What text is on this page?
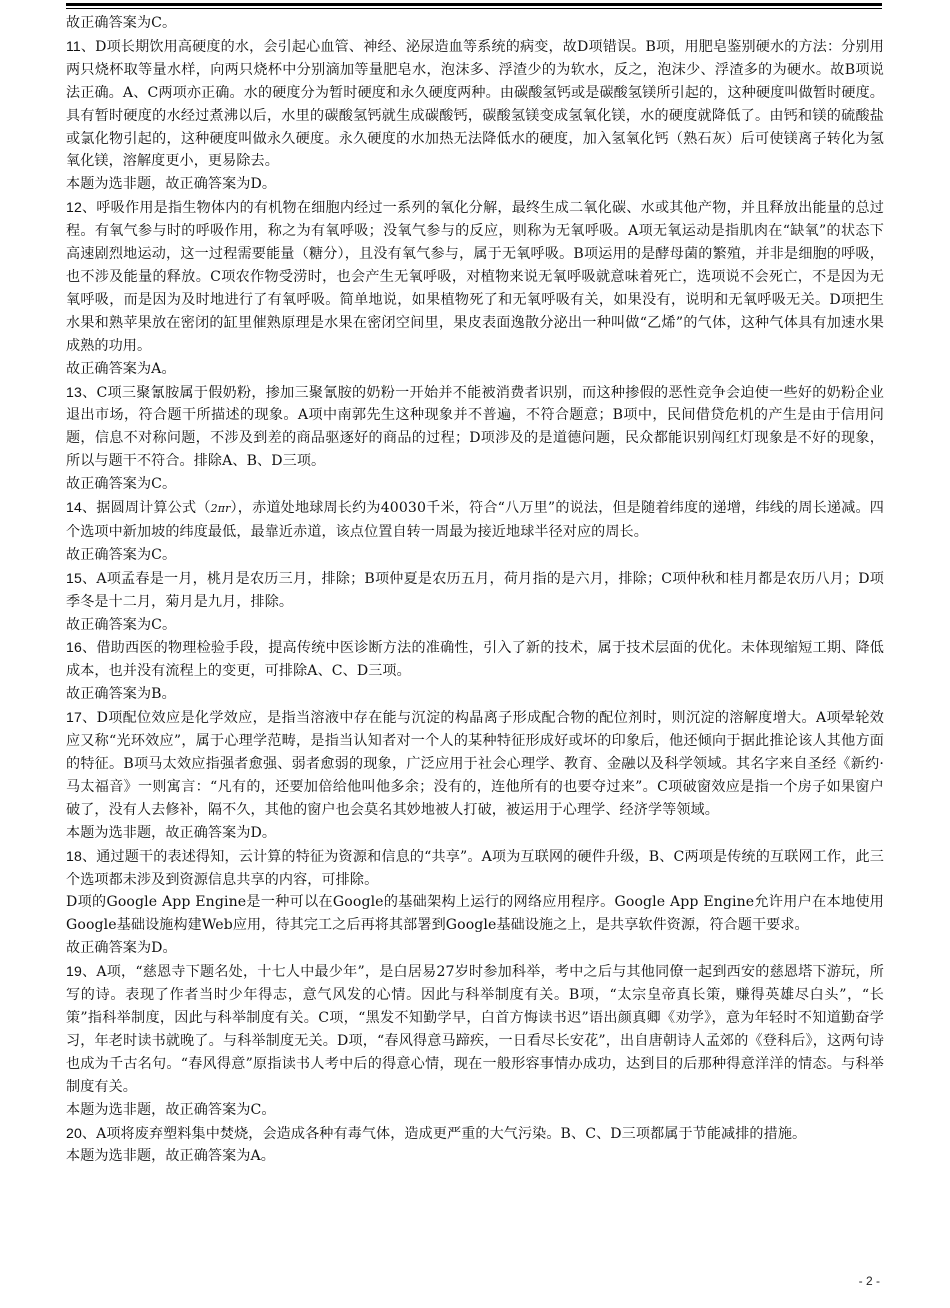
故正确答案为C。

11、D项长期饮用高硬度的水，会引起心血管、神经、泌尿造血等系统的病变，故D项错误。B项，用肥皂鉴别硬水的方法：分别用两只烧杯取等量水样，向两只烧杯中分别滴加等量肥皂水，泡沫多、浮渣少的为软水，反之，泡沫少、浮渣多的为硬水。故B项说法正确。A、C两项亦正确。水的硬度分为暂时硬度和永久硬度两种。由碳酸氢钙或是碳酸氢镁所引起的，这种硬度叫做暂时硬度。具有暂时硬度的水经过煮沸以后，水里的碳酸氢钙就生成碳酸钙，碳酸氢镁变成氢氧化镁，水的硬度就降低了。由钙和镁的硫酸盐或氯化物引起的，这种硬度叫做永久硬度。永久硬度的水加热无法降低水的硬度，加入氢氧化钙（熟石灰）后可使镁离子转化为氢氧化镁，溶解度更小，更易除去。

本题为选非题，故正确答案为D。

12、呼吸作用是指生物体内的有机物在细胞内经过一系列的氧化分解，最终生成二氧化碳、水或其他产物，并且释放出能量的总过程。有氧气参与时的呼吸作用，称之为有氧呼吸；没氧气参与的反应，则称为无氧呼吸。A项无氧运动是指肌肉在“缺氧”的状态下高速剧烈地运动，这一过程需要能量（糖分），且没有氧气参与，属于无氧呼吸。B项运用的是酵母菌的繁殖，并非是细胞的呼吸，也不涉及能量的释放。C项农作物受涝时，也会产生无氧呼吸，对植物来说无氧呼吸就意味着死亡，选项说不会死亡，不是因为无氧呼吸，而是因为及时地进行了有氧呼吸。简单地说，如果植物死了和无氧呼吸有关，如果没有，说明和无氧呼吸无关。D项把生水果和熟苹果放在密闭的缸里催熟原理是水果在密闭空间里，果皮表面逸散分泌出一种叫做“乙烯”的气体，这种气体具有加速水果成熟的功用。

故正确答案为A。

13、C项三聚氰胺属于假奶粉，掺加三聚氰胺的奶粉一开始并不能被消费者识别，而这种掺假的恶性竞争会迫使一些好的奶粉企业退出市场，符合题干所描述的现象。A项中南郭先生这种现象并不普遍，不符合题意；B项中，民间借贷危机的产生是由于信用问题，信息不对称问题，不涉及到差的商品驱逐好的商品的过程；D项涉及的是道德问题，民众都能识别闯红灯现象是不好的现象，所以与题干不符合。排除A、B、D三项。

故正确答案为C。

14、据圆周计算公式（2πr），赤道处地球周长约为40030千米，符合“八万里”的说法，但是随着纬度的递增，纬线的周长递减。四个选项中新加坡的纬度最低，最靠近赤道，该点位置自转一周最为接近地球半径对应的周长。

故正确答案为C。

15、A项孟春是一月，桃月是农历三月，排除；B项仲夏是农历五月，荷月指的是六月，排除；C项仲秋和桂月都是农历八月；D项季冬是十二月，菊月是九月，排除。

故正确答案为C。

16、借助西医的物理检验手段，提高传统中医诊断方法的准确性，引入了新的技术，属于技术层面的优化。未体现缩短工期、降低成本，也并没有流程上的变更，可排除A、C、D三项。

故正确答案为B。

17、D项配位效应是化学效应，是指当溶液中存在能与沉淀的构晶离子形成配合物的配位剂时，则沉淀的溶解度增大。A项晕轮效应又称“光环效应”，属于心理学范畴，是指当认知者对一个人的某种特征形成好或坏的印象后，他还倾向于据此推论该人其他方面的特征。B项马太效应指强者愈强、弱者愈弱的现象，广泛应用于社会心理学、教育、金融以及科学领域。其名字来自圣经《新约·马太福音》一则寓言：“凡有的，还要加倍给他叫他多余；没有的，连他所有的也要夺过来”。C项破窗效应是指一个房子如果窗户破了，没有人去修补，隔不久，其他的窗户也会莫名其妙地被人打破，被运用于心理学、经济学等领域。

本题为选非题，故正确答案为D。

18、通过题干的表述得知，云计算的特征为资源和信息的“共享”。A项为互联网的硬件升级，B、C两项是传统的互联网工作，此三个选项都未涉及到资源信息共享的内容，可排除。

D项的Google App Engine是一种可以在Google的基础架构上运行的网络应用程序。Google App Engine允许用户在本地使用Google基础设施构建Web应用，待其完工之后再将其部署到Google基础设施之上，是共享软件资源，符合题干要求。

故正确答案为D。

19、A项，“慈恩寺下题名处，十七人中最少年”，是白居易27岁时参加科举，考中之后与其他同僚一起到西安的慈恩塔下游玩，所写的诗。表现了作者当时少年得志，意气风发的心情。因此与科举制度有关。B项，“太宗皇帝真长策，赚得英雄尽白头”，“长策”指科举制度，因此与科举制度有关。C项，“黑发不知勤学早，白首方悔读书迟”语出颜真卿《劝学》，意为年轻时不知道勤奋学习，年老时读书就晚了。与科举制度无关。D项，“春风得意马蹄疾，一日看尽长安花”，出自唐朝诗人孟郊的《登科后》，这两句诗也成为千古名句。“春风得意”原指读书人考中后的得意心情，现在一般形容事情办成功，达到目的后那种得意洋洋的情态。与科举制度有关。

本题为选非题，故正确答案为C。

20、A项将废弃塑料集中焚烧，会造成各种有毒气体，造成更严重的大气污染。B、C、D三项都属于节能减排的措施。

本题为选非题，故正确答案为A。

- 2 -
